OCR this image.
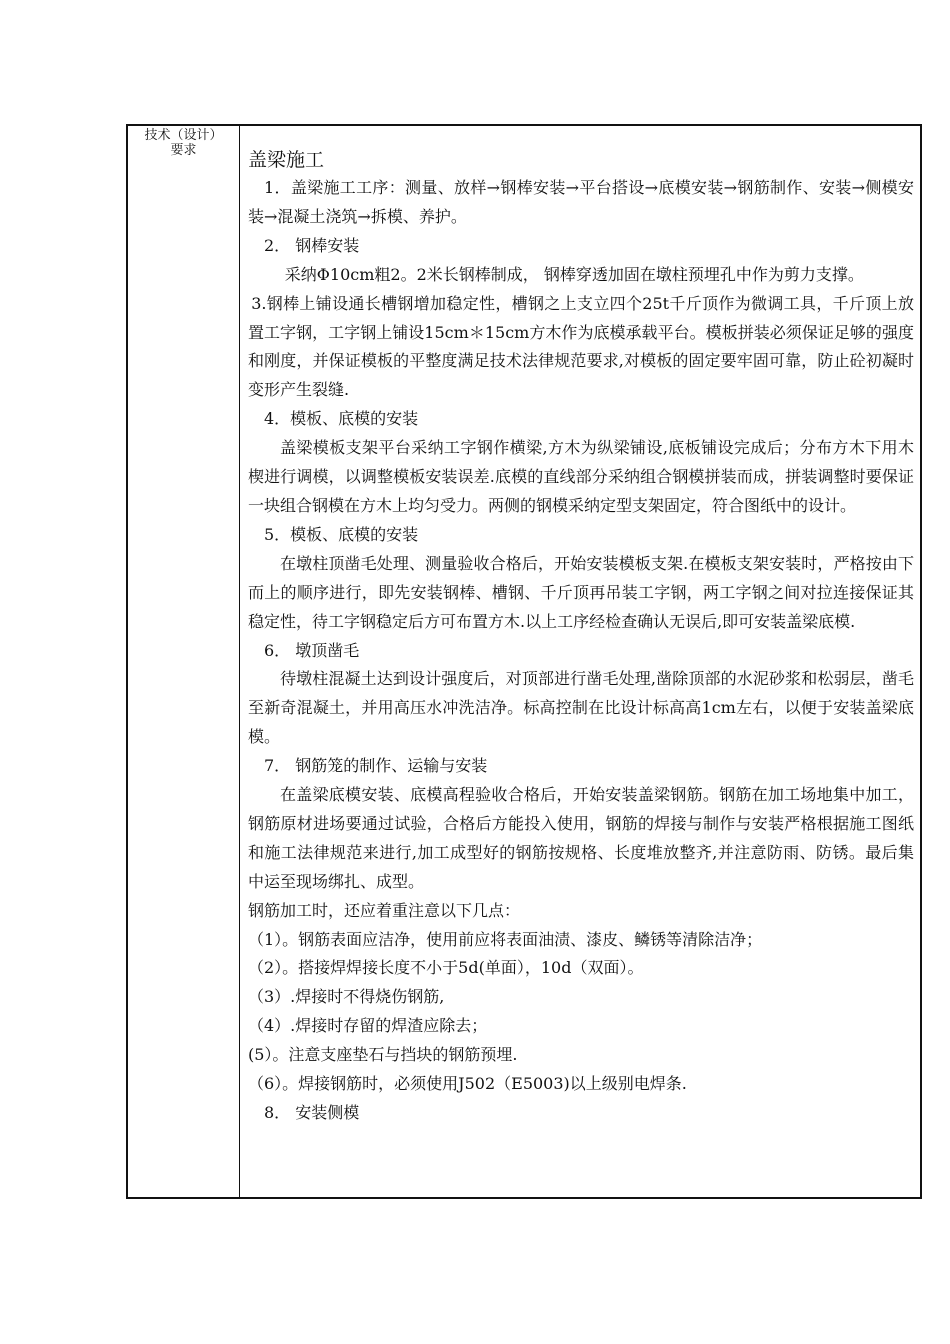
技术（设计）
要求	盖梁施工

1．盖梁施工工序：测量、放样→钢棒安装→平台搭设→底模安装→钢筋制作、安装→侧模安装→混凝土浇筑→拆模、养护。

2． 钢棒安装

采纳Φ10cm粗2。2米长钢棒制成， 钢棒穿透加固在墩柱预埋孔中作为剪力支撑。

3.钢棒上铺设通长槽钢增加稳定性，槽钢之上支立四个25t千斤顶作为微调工具，千斤顶上放置工字钢，工字钢上铺设15cm＊15cm方木作为底模承载平台。模板拼装必须保证足够的强度和刚度，并保证模板的平整度满足技术法律规范要求,对模板的固定要牢固可靠，防止砼初凝时变形产生裂缝.

4．模板、底模的安装

盖梁模板支架平台采纳工字钢作横梁,方木为纵梁铺设,底板铺设完成后；分布方木下用木楔进行调模，以调整模板安装误差.底模的直线部分采纳组合钢模拼装而成，拼装调整时要保证一块组合钢模在方木上均匀受力。两侧的钢模采纳定型支架固定，符合图纸中的设计。

5．模板、底模的安装

在墩柱顶凿毛处理、测量验收合格后，开始安装模板支架.在模板支架安装时，严格按由下而上的顺序进行，即先安装钢棒、槽钢、千斤顶再吊装工字钢，两工字钢之间对拉连接保证其稳定性，待工字钢稳定后方可布置方木.以上工序经检查确认无误后,即可安装盖梁底模.

6． 墩顶凿毛

待墩柱混凝土达到设计强度后，对顶部进行凿毛处理,凿除顶部的水泥砂浆和松弱层，凿毛至新奇混凝土，并用高压水冲洗洁净。标高控制在比设计标高高1cm左右，以便于安装盖梁底模。

7． 钢筋笼的制作、运输与安装

在盖梁底模安装、底模高程验收合格后，开始安装盖梁钢筋。钢筋在加工场地集中加工，钢筋原材进场要通过试验，合格后方能投入使用，钢筋的焊接与制作与安装严格根据施工图纸和施工法律规范来进行,加工成型好的钢筋按规格、长度堆放整齐,并注意防雨、防锈。最后集中运至现场绑扎、成型。

钢筋加工时，还应着重注意以下几点：

（1）。钢筋表面应洁净，使用前应将表面油渍、漆皮、鳞锈等清除洁净；

（2）。搭接焊焊接长度不小于5d(单面），10d（双面）。

（3）.焊接时不得烧伤钢筋,

（4）.焊接时存留的焊渣应除去；

(5）。注意支座垫石与挡块的钢筋预埋.

（6）。焊接钢筋时，必须使用J502（E5003)以上级别电焊条.

8． 安装侧模
